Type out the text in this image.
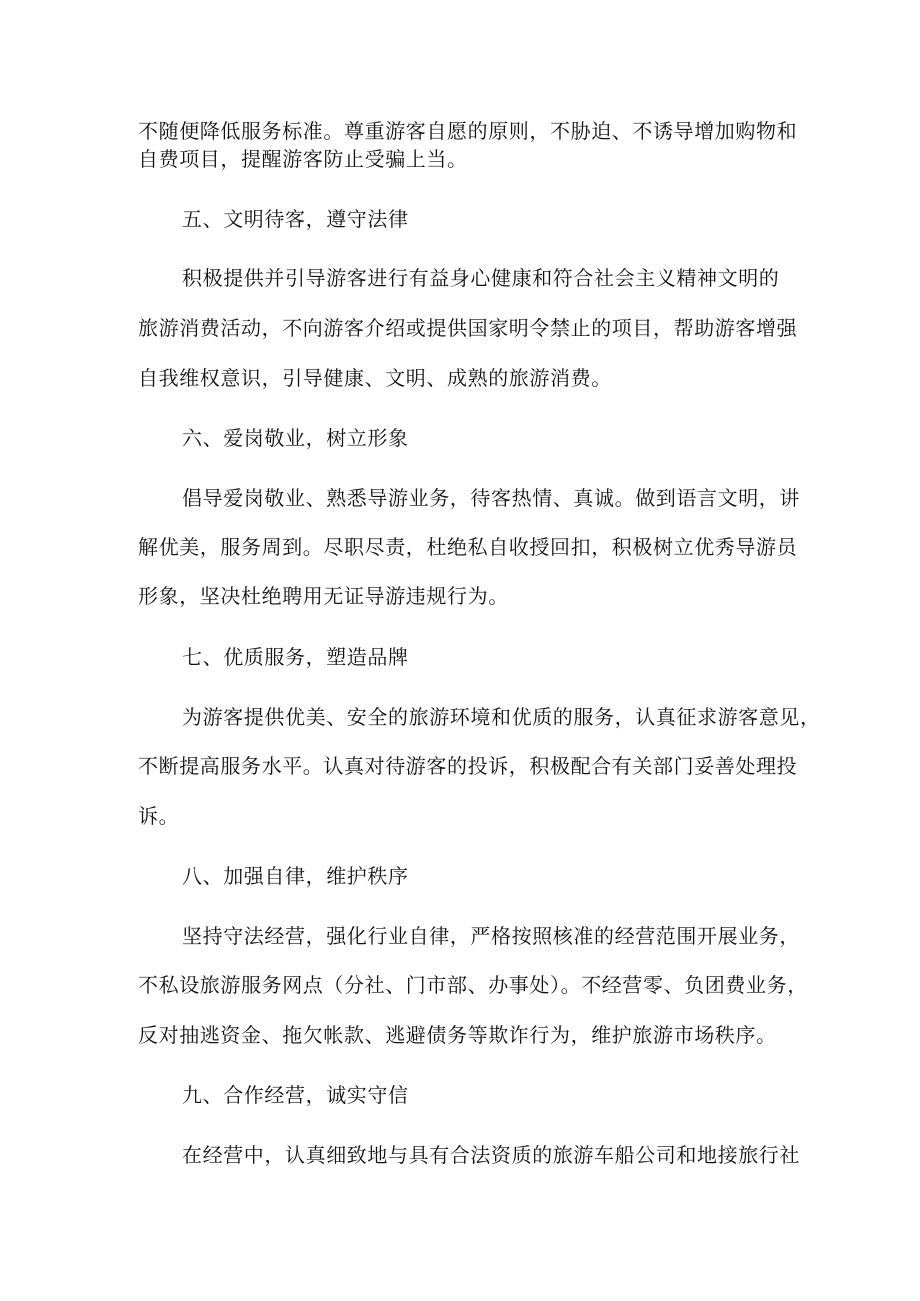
不随便降低服务标准。尊重游客自愿的原则，不胁迫、不诱导增加购物和
自费项目，提醒游客防止受骗上当。
五、文明待客，遵守法律
积极提供并引导游客进行有益身心健康和符合社会主义精神文明的
旅游消费活动，不向游客介绍或提供国家明令禁止的项目，帮助游客增强
自我维权意识，引导健康、文明、成熟的旅游消费。
六、爱岗敬业，树立形象
倡导爱岗敬业、熟悉导游业务，待客热情、真诚。做到语言文明，讲
解优美，服务周到。尽职尽责，杜绝私自收授回扣，积极树立优秀导游员
形象，坚决杜绝聘用无证导游违规行为。
七、优质服务，塑造品牌
为游客提供优美、安全的旅游环境和优质的服务，认真征求游客意见，
不断提高服务水平。认真对待游客的投诉，积极配合有关部门妥善处理投
诉。
八、加强自律，维护秩序
坚持守法经营，强化行业自律，严格按照核准的经营范围开展业务，
不私设旅游服务网点（分社、门市部、办事处）。不经营零、负团费业务，
反对抽逃资金、拖欠帐款、逃避债务等欺诈行为，维护旅游市场秩序。
九、合作经营，诚实守信
在经营中，认真细致地与具有合法资质的旅游车船公司和地接旅行社
